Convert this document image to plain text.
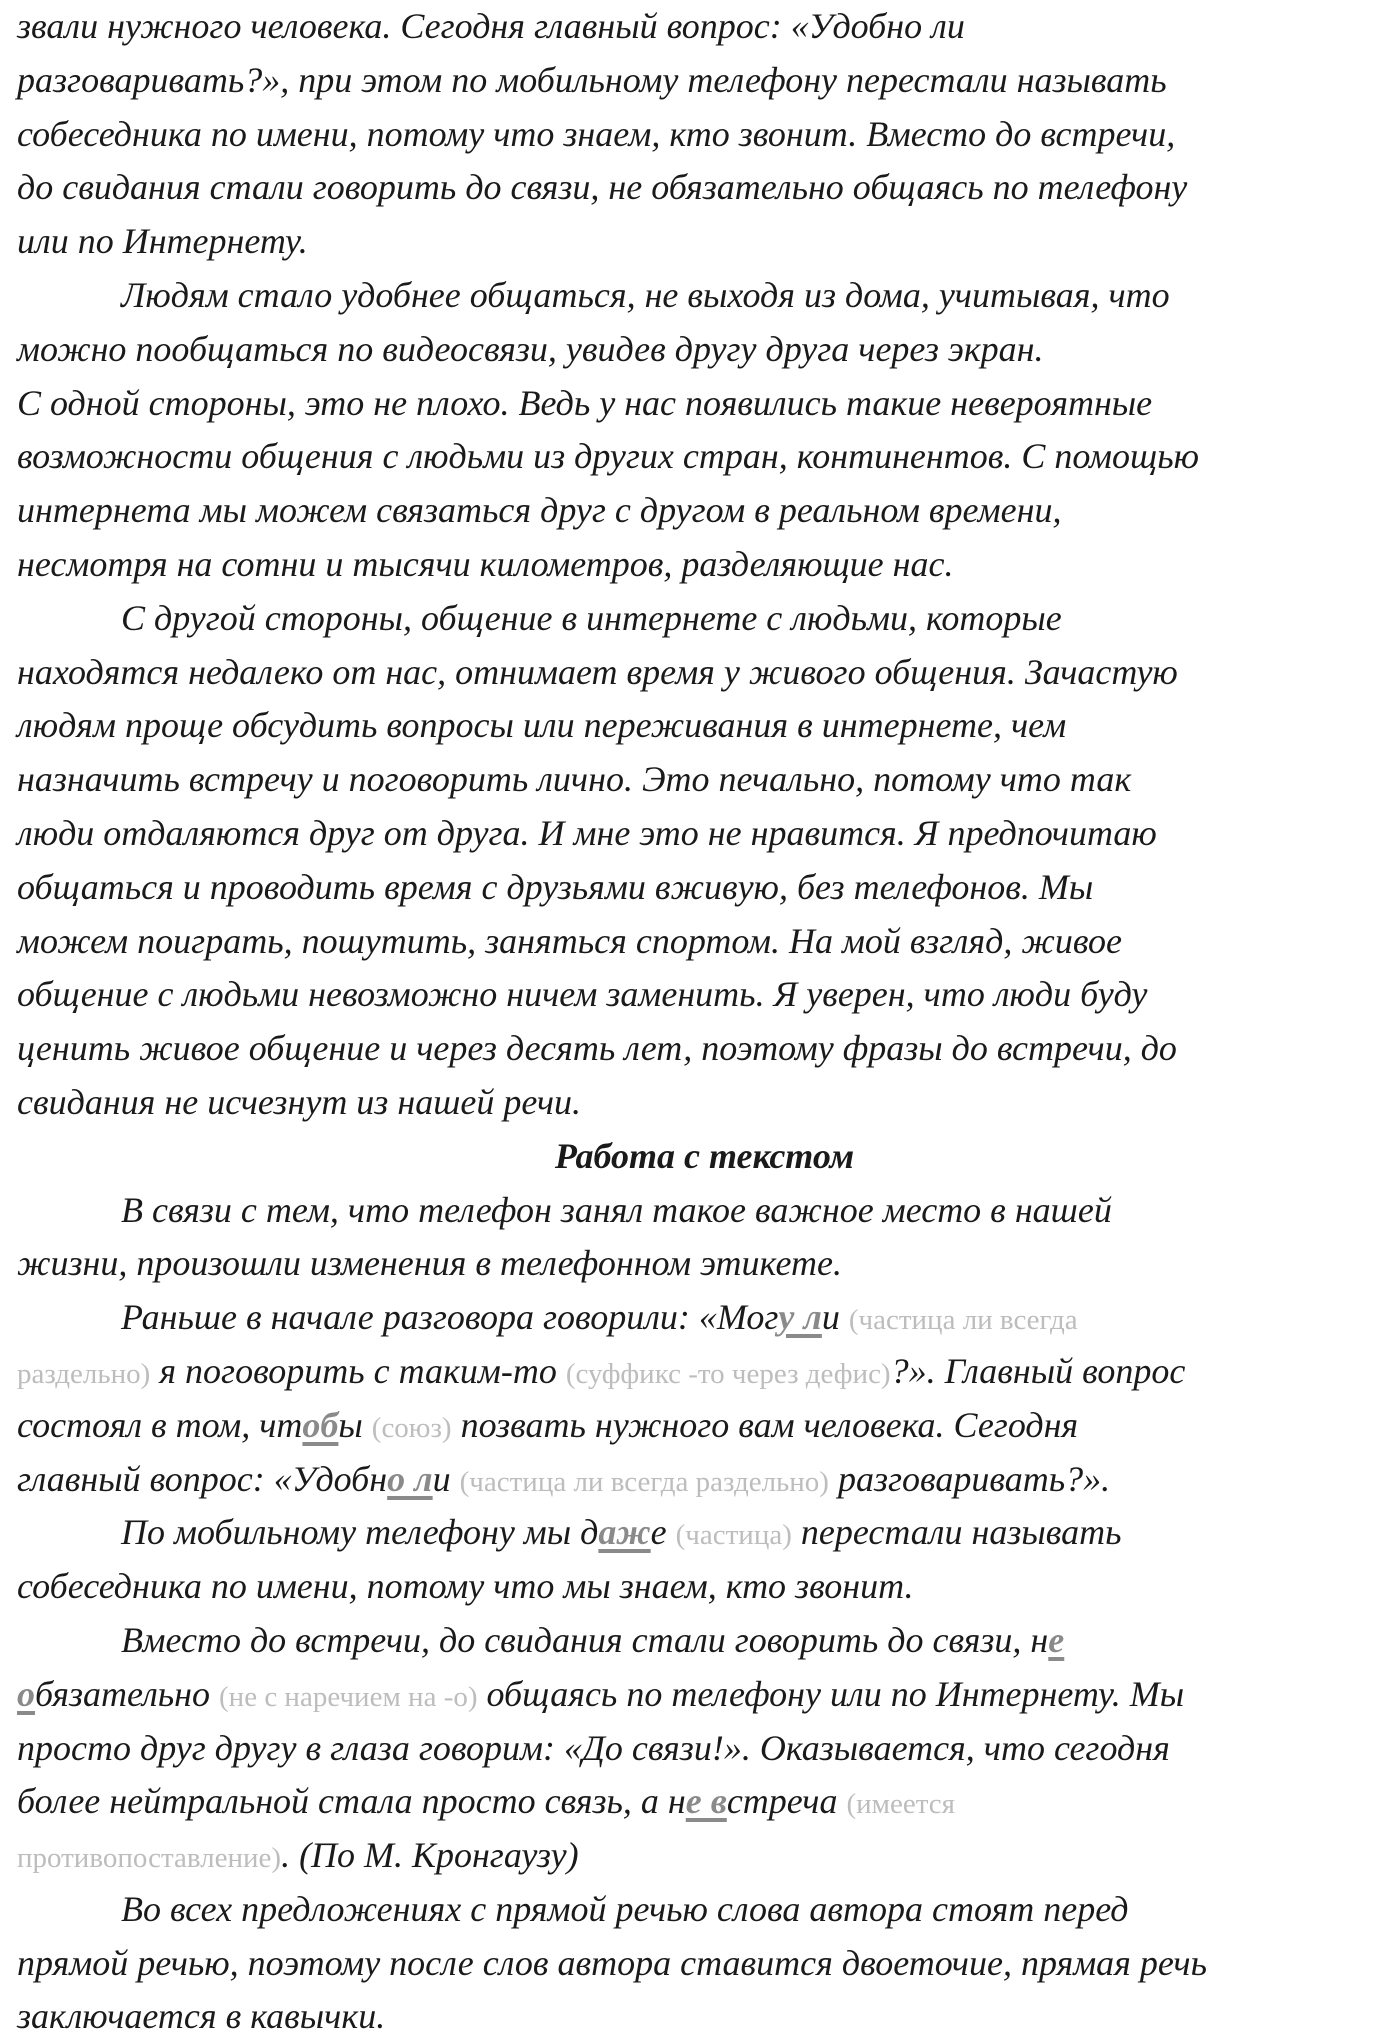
звали нужного человека. Сегодня главный вопрос: «Удобно ли
разговаривать?», при этом по мобильному телефону перестали называть
собеседника по имени, потому что знаем, кто звонит. Вместо до встречи,
до свидания стали говорить до связи, не обязательно общаясь по телефону
или по Интернету.
Людям стало удобнее общаться, не выходя из дома, учитывая, что
можно пообщаться по видеосвязи, увидев другу друга через экран.
С одной стороны, это не плохо. Ведь у нас появились такие невероятные
возможности общения с людьми из других стран, континентов. С помощью
интернета мы можем связаться друг с другом в реальном времени,
несмотря на сотни и тысячи километров, разделяющие нас.
С другой стороны, общение в интернете с людьми, которые
находятся недалеко от нас, отнимает время у живого общения. Зачастую
людям проще обсудить вопросы или переживания в интернете, чем
назначить встречу и поговорить лично. Это печально, потому что так
люди отдаляются друг от друга. И мне это не нравится. Я предпочитаю
общаться и проводить время с друзьями вживую, без телефонов. Мы
можем поиграть, пошутить, заняться спортом. На мой взгляд, живое
общение с людьми невозможно ничем заменить. Я уверен, что люди буду
ценить живое общение и через десять лет, поэтому фразы до встречи, до
свидания не исчезнут из нашей речи.
Работа с текстом
В связи с тем, что телефон занял такое важное место в нашей
жизни, произошли изменения в телефонном этикете.
Раньше в начале разговора говорили: «Могу ли (частица ли всегда
раздельно) я поговорить с таким-то (суффикс -то через дефис)?». Главный вопрос
состоял в том, чтобы (союз) позвать нужного вам человека. Сегодня
главный вопрос: «Удобно ли (частица ли всегда раздельно) разговаривать?».
По мобильному телефону мы даже (частица) перестали называть
собеседника по имени, потому что мы знаем, кто звонит.
Вместо до встречи, до свидания стали говорить до связи, не
обязательно (не с наречием на -о) общаясь по телефону или по Интернету. Мы
просто друг другу в глаза говорим: «До связи!». Оказывается, что сегодня
более нейтральной стала просто связь, а не встреча (имеется
противопоставление). (По М. Кронгаузу)
Во всех предложениях с прямой речью слова автора стоят перед
прямой речью, поэтому после слов автора ставится двоеточие, прямая речь
заключается в кавычки.
